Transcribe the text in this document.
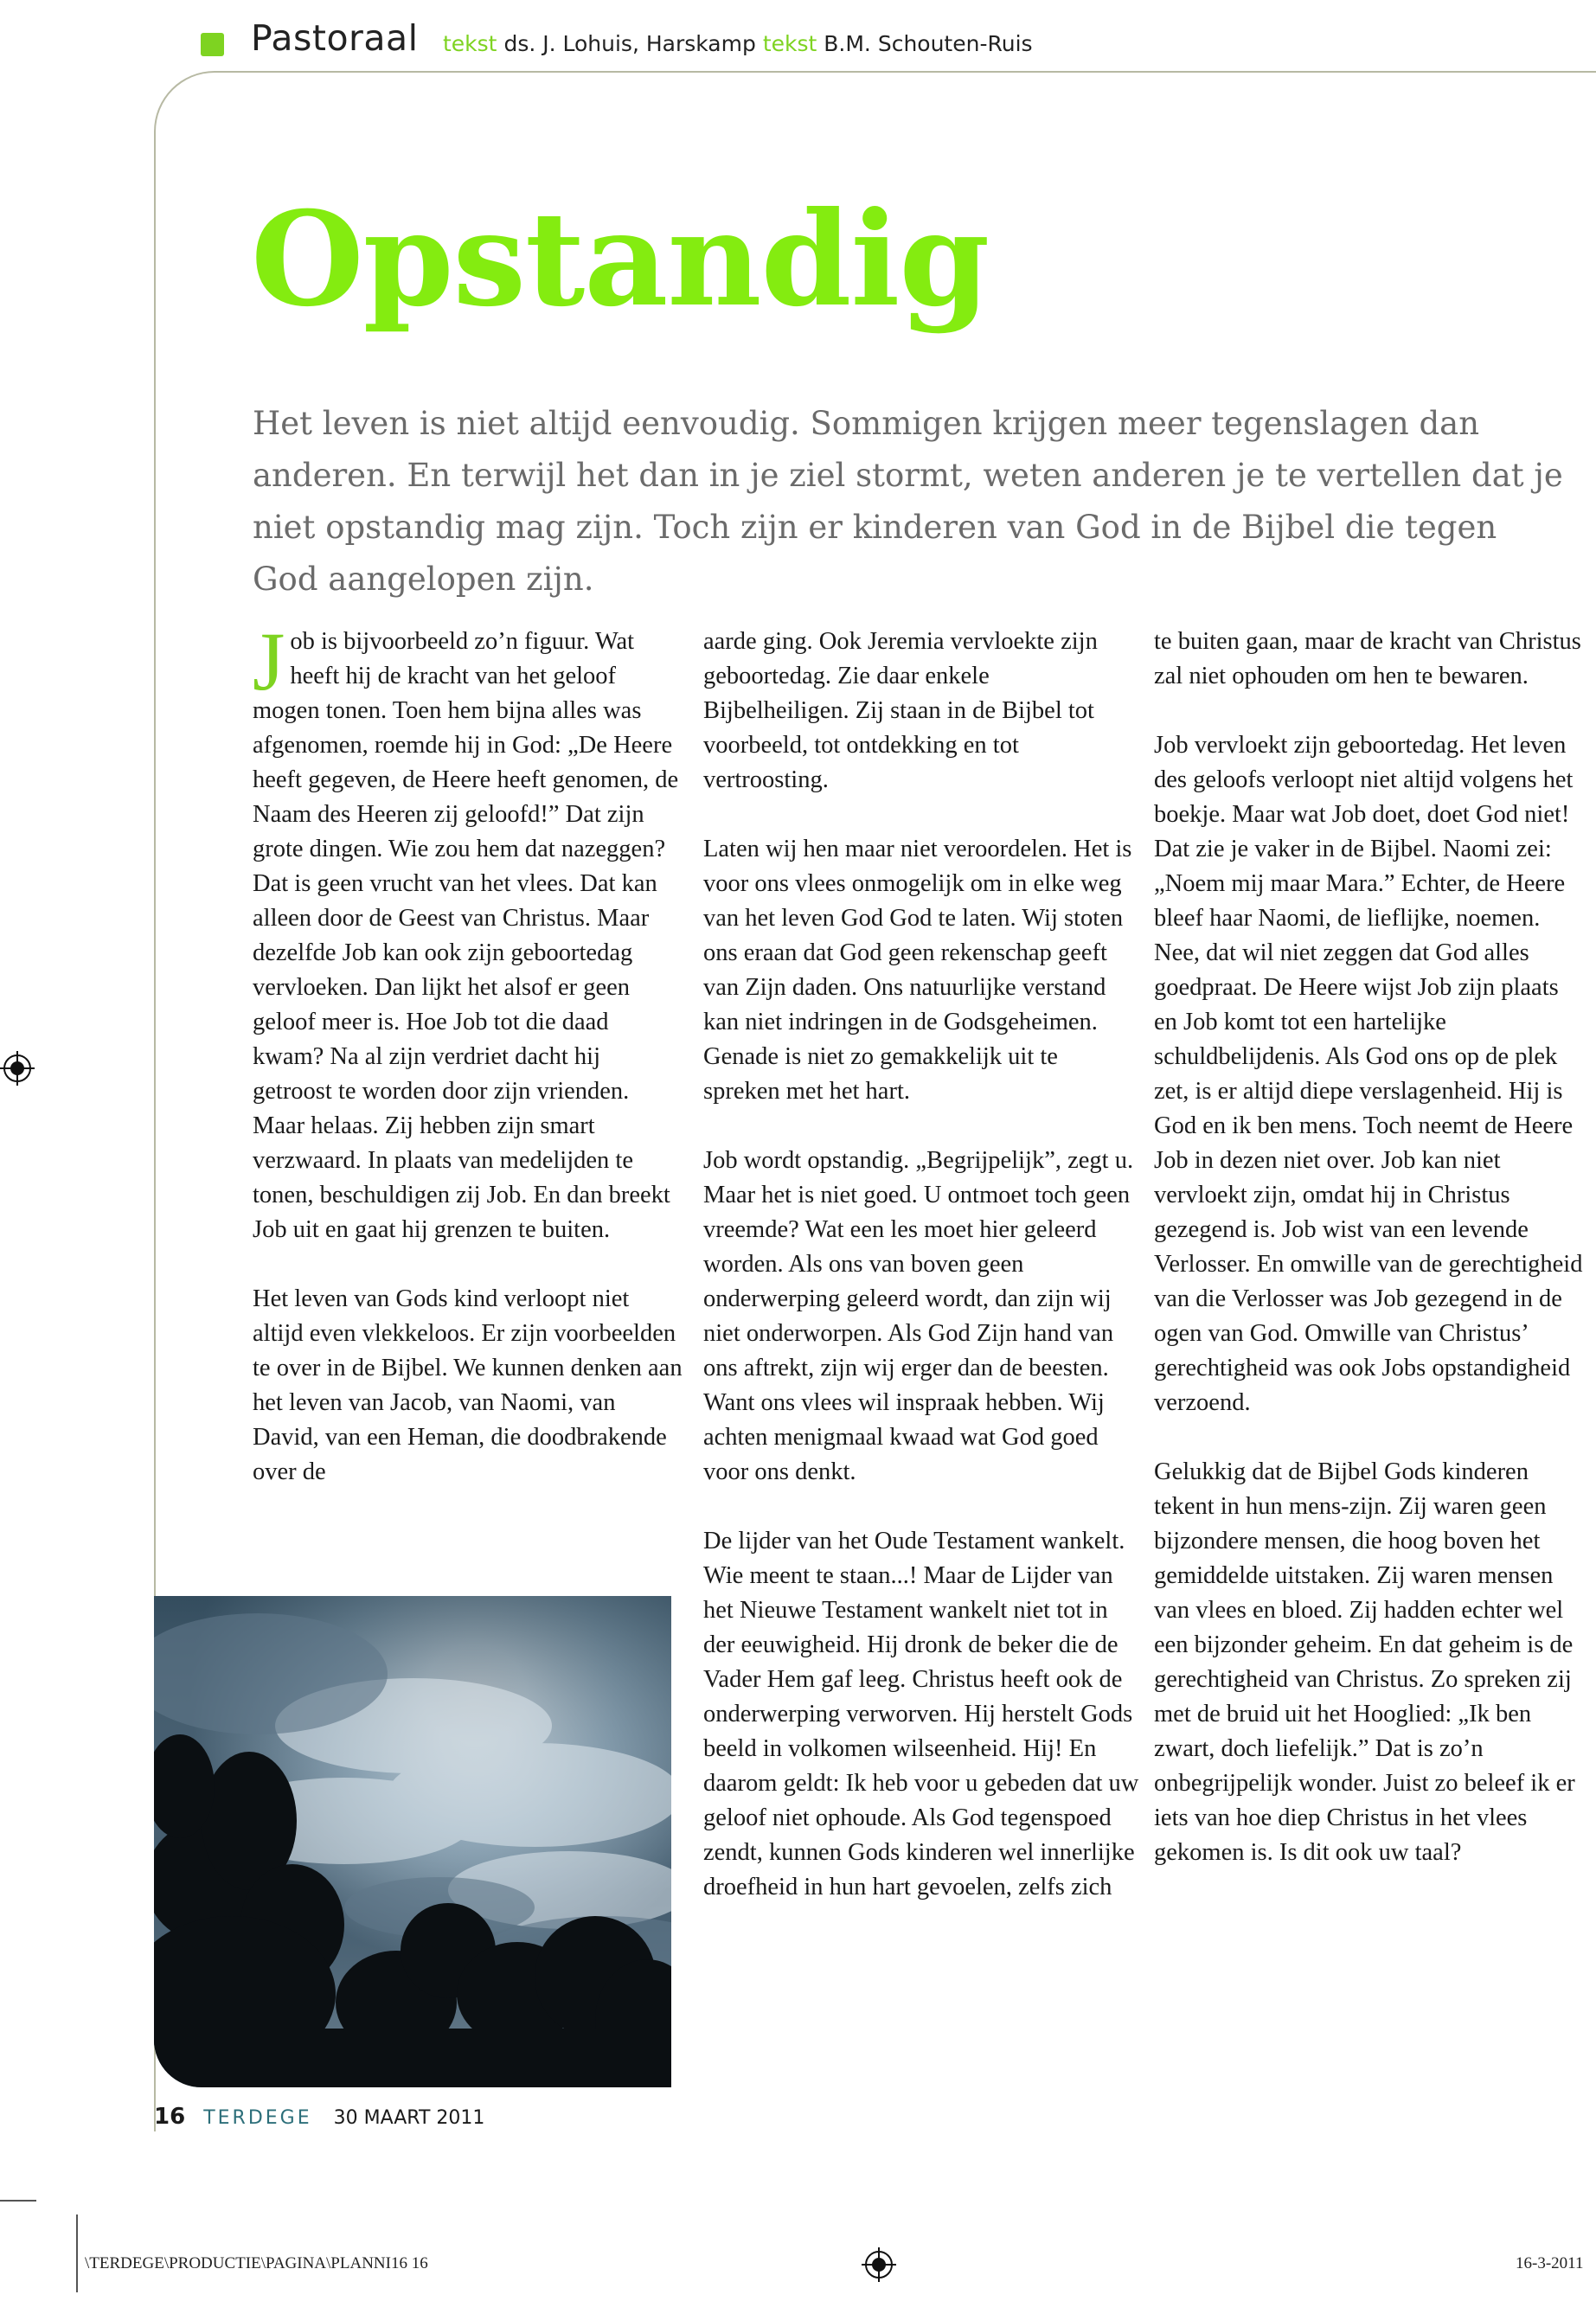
Pastoraal tekst ds. J. Lohuis, Harskamp tekst B.M. Schouten-Ruis
Opstandig

Het leven is niet altijd eenvoudig. Sommigen krijgen meer tegenslagen dan anderen. En terwijl het dan in je ziel stormt, weten anderen je te vertellen dat je niet opstandig mag zijn. Toch zijn er kinderen van God in de Bijbel die tegen God aangelopen zijn.

Job is bijvoorbeeld zo’n figuur. Wat heeft hij de kracht van het geloof mogen tonen. Toen hem bijna alles was afgenomen, roemde hij in God: „De Heere heeft gegeven, de Heere heeft genomen, de Naam des Heeren zij geloofd!” Dat zijn grote dingen. Wie zou hem dat nazeggen? Dat is geen vrucht van het vlees. Dat kan alleen door de Geest van Christus. Maar dezelfde Job kan ook zijn geboortedag vervloeken. Dan lijkt het alsof er geen geloof meer is. Hoe Job tot die daad kwam? Na al zijn verdriet dacht hij getroost te worden door zijn vrienden. Maar helaas. Zij hebben zijn smart verzwaard. In plaats van medelijden te tonen, beschuldigen zij Job. En dan breekt Job uit en gaat hij grenzen te buiten.

Het leven van Gods kind verloopt niet altijd even vlekkeloos. Er zijn voorbeelden te over in de Bijbel. We kunnen denken aan het leven van Jacob, van Naomi, van David, van een Heman, die doodbrakende over de

aarde ging. Ook Jeremia vervloekte zijn geboortedag. Zie daar enkele Bijbelheiligen. Zij staan in de Bijbel tot voorbeeld, tot ontdekking en tot vertroosting.

Laten wij hen maar niet veroordelen. Het is voor ons vlees onmogelijk om in elke weg van het leven God God te laten. Wij stoten ons eraan dat God geen rekenschap geeft van Zijn daden. Ons natuurlijke verstand kan niet indringen in de Godsgeheimen. Genade is niet zo gemakkelijk uit te spreken met het hart.

Job wordt opstandig. „Begrijpelijk”, zegt u. Maar het is niet goed. U ontmoet toch geen vreemde? Wat een les moet hier geleerd worden. Als ons van boven geen onderwerping geleerd wordt, dan zijn wij niet onderworpen. Als God Zijn hand van ons aftrekt, zijn wij erger dan de beesten. Want ons vlees wil inspraak hebben. Wij achten menigmaal kwaad wat God goed voor ons denkt.

De lijder van het Oude Testament wankelt. Wie meent te staan...! Maar de Lijder van het Nieuwe Testament wankelt niet tot in der eeuwigheid. Hij dronk de beker die de Vader Hem gaf leeg. Christus heeft ook de onderwerping verworven. Hij herstelt Gods beeld in volkomen wilseenheid. Hij! En daarom geldt: Ik heb voor u gebeden dat uw geloof niet ophoude. Als God tegenspoed zendt, kunnen Gods kinderen wel innerlijke droefheid in hun hart gevoelen, zelfs zich

te buiten gaan, maar de kracht van Christus zal niet ophouden om hen te bewaren.

Job vervloekt zijn geboortedag. Het leven des geloofs verloopt niet altijd volgens het boekje. Maar wat Job doet, doet God niet! Dat zie je vaker in de Bijbel. Naomi zei: „Noem mij maar Mara.” Echter, de Heere bleef haar Naomi, de lieflijke, noemen. Nee, dat wil niet zeggen dat God alles goedpraat. De Heere wijst Job zijn plaats en Job komt tot een hartelijke schuldbelijdenis. Als God ons op de plek zet, is er altijd diepe verslagenheid. Hij is God en ik ben mens. Toch neemt de Heere Job in dezen niet over. Job kan niet vervloekt zijn, omdat hij in Christus gezegend is. Job wist van een levende Verlosser. En omwille van de gerechtigheid van die Verlosser was Job gezegend in de ogen van God. Omwille van Christus’ gerechtigheid was ook Jobs opstandigheid verzoend.

Gelukkig dat de Bijbel Gods kinderen tekent in hun mens-zijn. Zij waren geen bijzondere mensen, die hoog boven het gemiddelde uitstaken. Zij waren mensen van vlees en bloed. Zij hadden echter wel een bijzonder geheim. En dat geheim is de gerechtigheid van Christus. Zo spreken zij met de bruid uit het Hooglied: „Ik ben zwart, doch liefelijk.” Dat is zo’n onbegrijpelijk wonder. Juist zo beleef ik er iets van hoe diep Christus in het vlees gekomen is. Is dit ook uw taal?

16 TERDEGE 30 MAART 2011
\TERDEGE\PRODUCTIE\PAGINA\PLANNI16 16	16-3-2011
